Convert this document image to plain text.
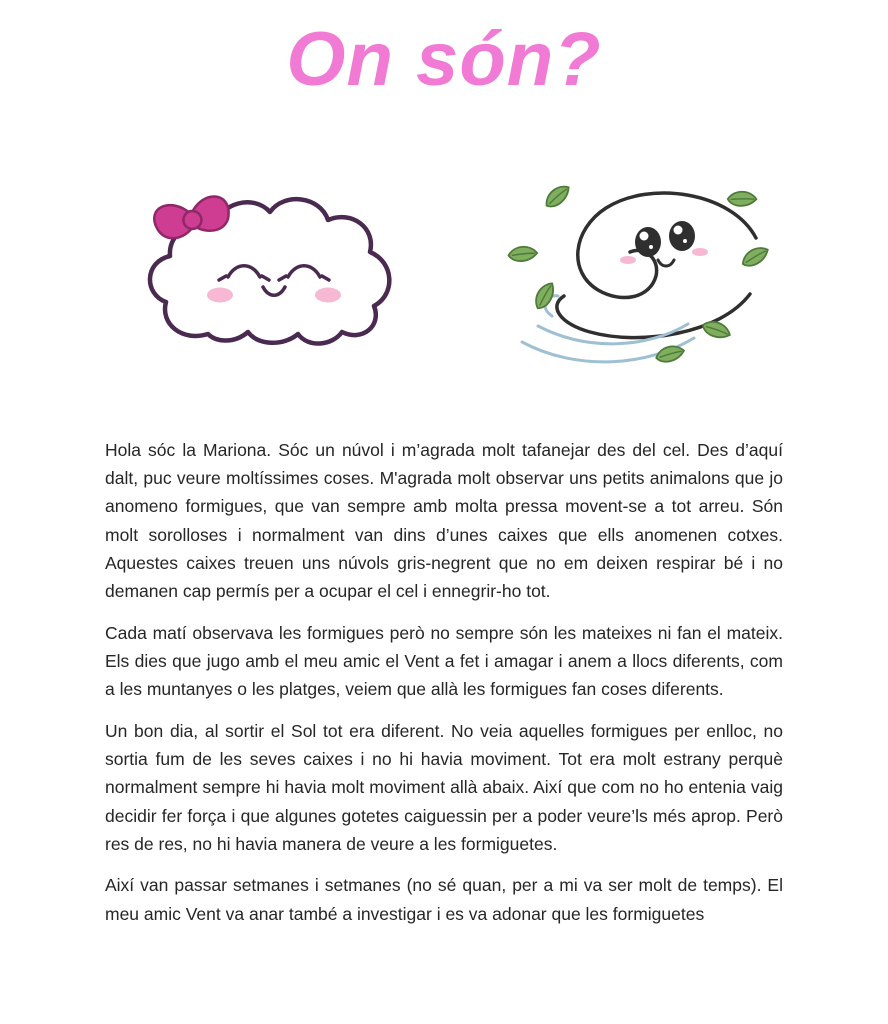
On són?

Hola sóc la Mariona. Sóc un núvol i m’agrada molt tafanejar des del cel. Des d’aquí dalt, puc veure moltíssimes coses. M'agrada molt observar uns petits animalons que jo anomeno formigues, que van sempre amb molta pressa movent-se a tot arreu. Són molt sorolloses i normalment van dins d’unes caixes que ells anomenen cotxes. Aquestes caixes treuen uns núvols gris-negrent que no em deixen respirar bé i no demanen cap permís per a ocupar el cel i ennegrir-ho tot.

Cada matí observava les formigues però no sempre són les mateixes ni fan el mateix. Els dies que jugo amb el meu amic el Vent a fet i amagar i anem a llocs diferents, com a les muntanyes o les platges, veiem que allà les formigues fan coses diferents.

Un bon dia, al sortir el Sol tot era diferent. No veia aquelles formigues per enlloc, no sortia fum de les seves caixes i no hi havia moviment. Tot era molt estrany perquè normalment sempre hi havia molt moviment allà abaix. Així que com no ho entenia vaig decidir fer força i que algunes gotetes caiguessin per a poder veure’ls més aprop. Però res de res, no hi havia manera de veure a les formiguetes.

Així van passar setmanes i setmanes (no sé quan, per a mi va ser molt de temps). El meu amic Vent va anar també a investigar i es va adonar que les formiguetes
